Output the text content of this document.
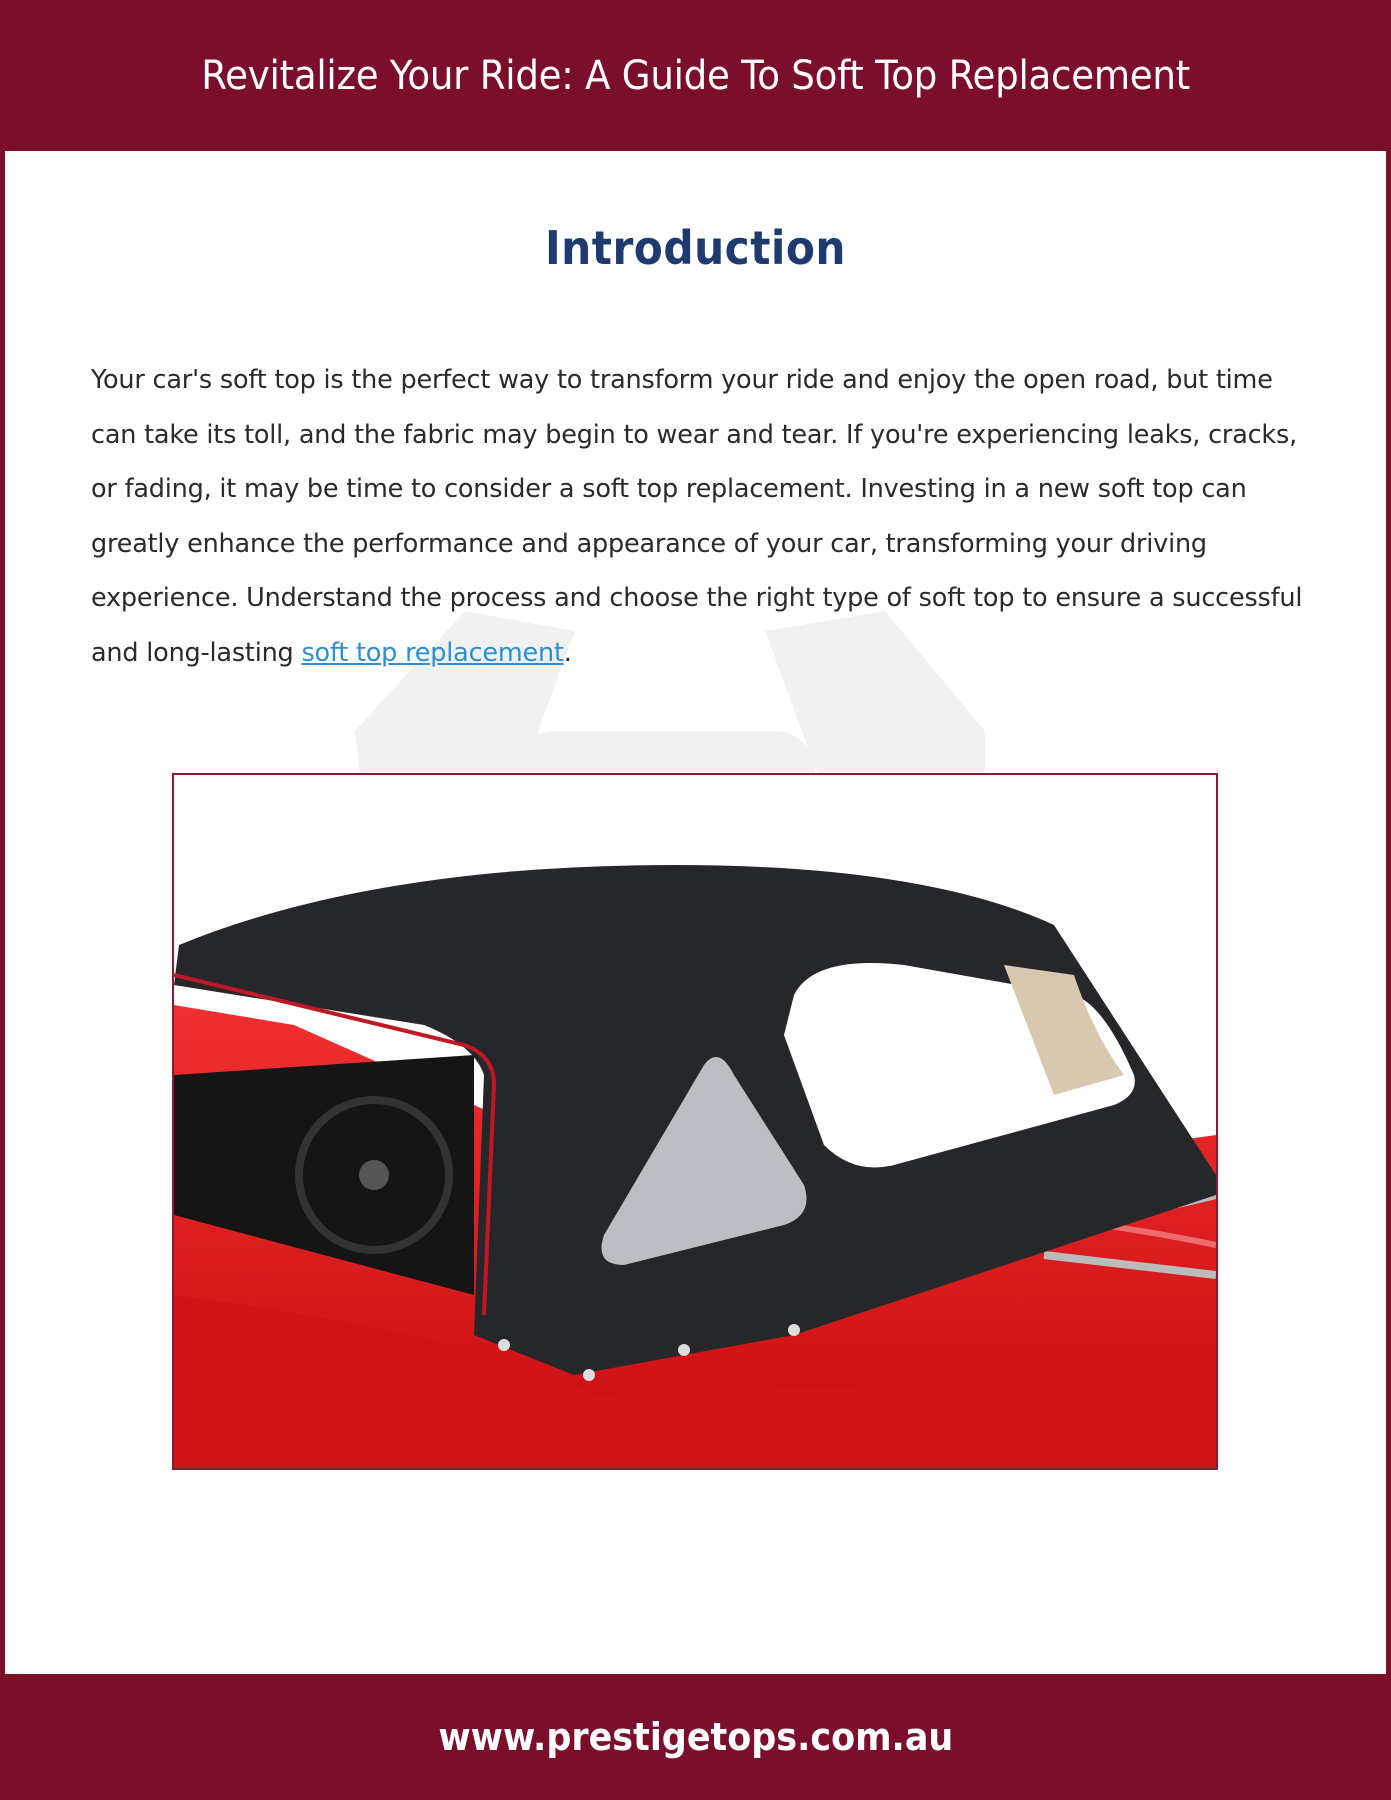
Revitalize Your Ride: A Guide To Soft Top Replacement
Introduction

Your car's soft top is the perfect way to transform your ride and enjoy the open road, but time can take its toll, and the fabric may begin to wear and tear. If you're experiencing leaks, cracks, or fading, it may be time to consider a soft top replacement. Investing in a new soft top can greatly enhance the performance and appearance of your car, transforming your driving experience. Understand the process and choose the right type of soft top to ensure a successful and long-lasting soft top replacement.

www.prestigetops.com.au
